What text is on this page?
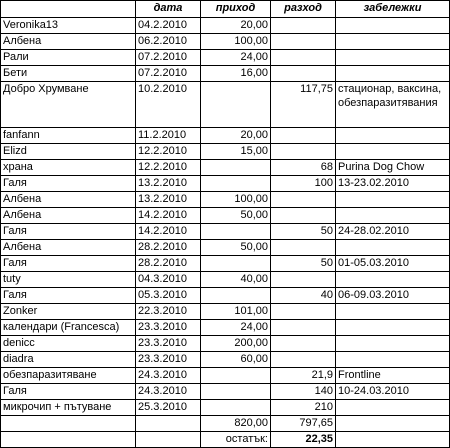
	дата	приход	разход	забележки
Veronika13	04.2.2010	20,00		
Албена	06.2.2010	100,00		
Рали	07.2.2010	24,00		
Бети	07.2.2010	16,00		
Добро Хрумване	10.2.2010		117,75	стационар, ваксина, обезпаразитявания
fanfann	11.2.2010	20,00		
Elizd	12.2.2010	15,00		
храна	12.2.2010		68	Purina Dog Chow
Галя	13.2.2010		100	13-23.02.2010
Албена	13.2.2010	100,00		
Албена	14.2.2010	50,00		
Галя	14.2.2010		50	24-28.02.2010
Албена	28.2.2010	50,00		
Галя	28.2.2010		50	01-05.03.2010
tuty	04.3.2010	40,00		
Галя	05.3.2010		40	06-09.03.2010
Zonker	22.3.2010	101,00		
календари (Francesca)	23.3.2010	24,00		
denicc	23.3.2010	200,00		
diadra	23.3.2010	60,00		
обезпаразитяване	24.3.2010		21,9	Frontline
Галя	24.3.2010		140	10-24.03.2010
микрочип + пътуване	25.3.2010		210	
		820,00	797,65	
		остатък:	22,35	
